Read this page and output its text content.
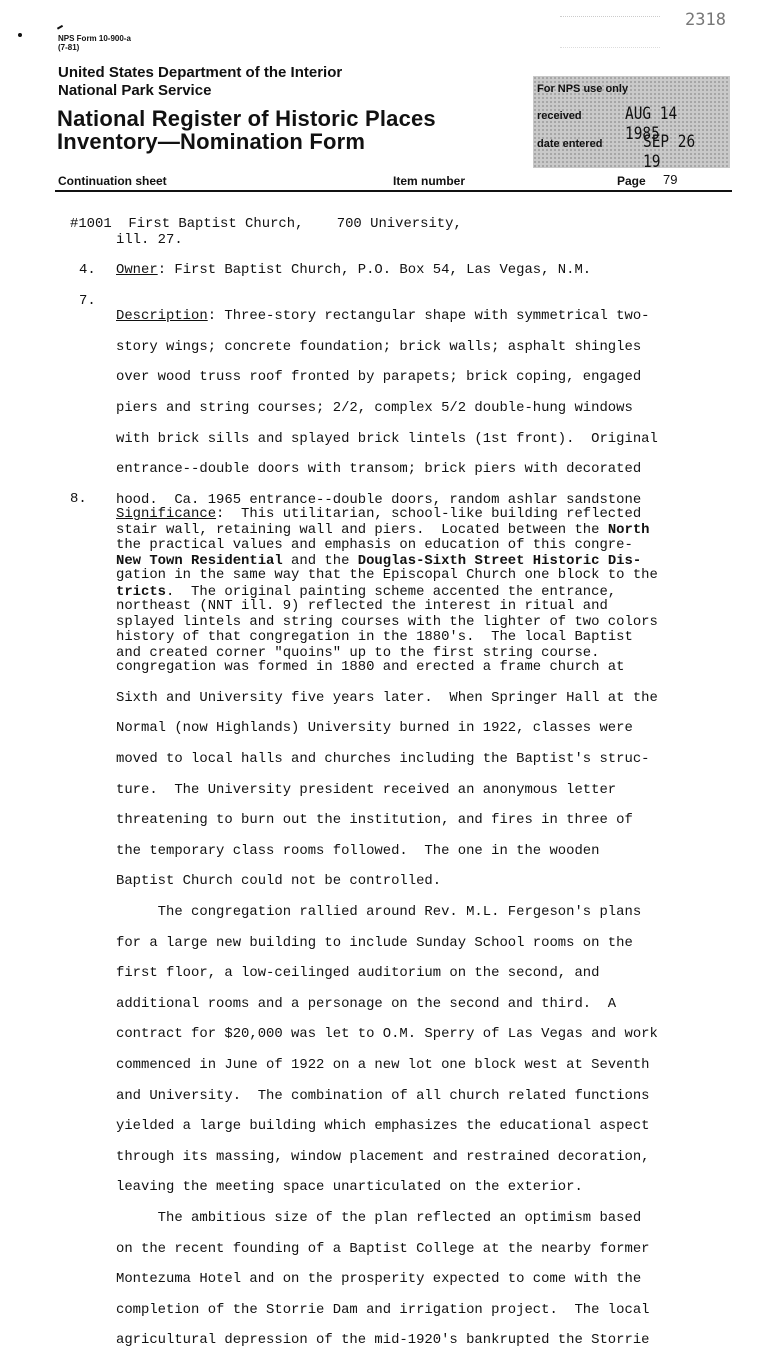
2318
NPS Form 10-900-a
(7-81)
United States Department of the Interior
National Park Service
National Register of Historic Places
Inventory—Nomination Form
For NPS use only
received	AUG 14 1985
date entered SEP 26 19
Continuation sheet	Item number	Page 79
#1001 First Baptist Church, 700 University,
ill. 27.
4. Owner: First Baptist Church, P.O. Box 54, Las Vegas, N.M.
7.

Description: Three-story rectangular shape with symmetrical two-

story wings; concrete foundation; brick walls; asphalt shingles

over wood truss roof fronted by parapets; brick coping, engaged

piers and string courses; 2/2, complex 5/2 double-hung windows

with brick sills and splayed brick lintels (1st front).  Original

entrance--double doors with transom; brick piers with decorated

hood.  Ca. 1965 entrance--double doors, random ashlar sandstone

stair wall, retaining wall and piers.  Located between the North

New Town Residential and the Douglas-Sixth Street Historic Dis-

tricts.  The original painting scheme accented the entrance,

splayed lintels and string courses with the lighter of two colors

and created corner "quoins" up to the first string course.

8.

Significance:  This utilitarian, school-like building reflected

the practical values and emphasis on education of this congre-

gation in the same way that the Episcopal Church one block to the

northeast (NNT ill. 9) reflected the interest in ritual and

history of that congregation in the 1880's.  The local Baptist

congregation was formed in 1880 and erected a frame church at

Sixth and University five years later.  When Springer Hall at the

Normal (now Highlands) University burned in 1922, classes were

moved to local halls and churches including the Baptist's struc-

ture.  The University president received an anonymous letter

threatening to burn out the institution, and fires in three of

the temporary class rooms followed.  The one in the wooden

Baptist Church could not be controlled.

The congregation rallied around Rev. M.L. Fergeson's plans

for a large new building to include Sunday School rooms on the

first floor, a low-ceilinged auditorium on the second, and

additional rooms and a personage on the second and third.  A

contract for $20,000 was let to O.M. Sperry of Las Vegas and work

commenced in June of 1922 on a new lot one block west at Seventh

and University.  The combination of all church related functions

yielded a large building which emphasizes the educational aspect

through its massing, window placement and restrained decoration,

leaving the meeting space unarticulated on the exterior.

The ambitious size of the plan reflected an optimism based

on the recent founding of a Baptist College at the nearby former

Montezuma Hotel and on the prosperity expected to come with the

completion of the Storrie Dam and irrigation project.  The local

agricultural depression of the mid-1920's bankrupted the Storrie
